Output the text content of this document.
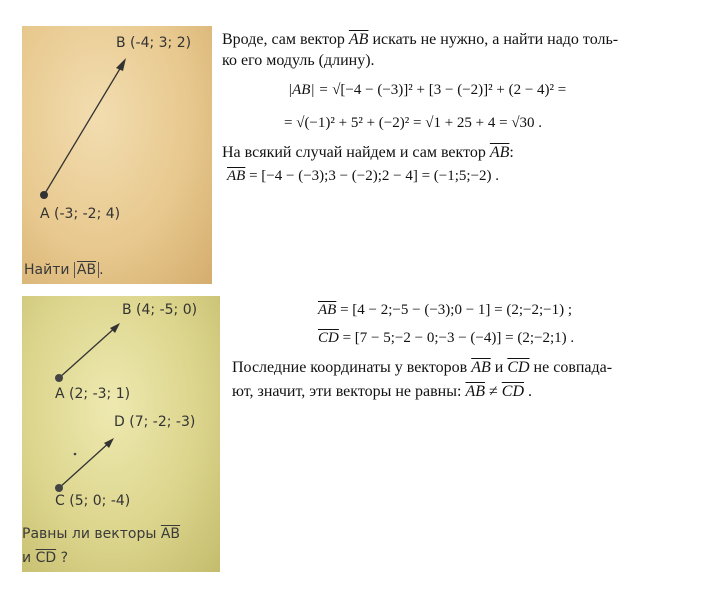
B (-4; 3; 2)
A (-3; -2; 4)
Найти $\overline{AB}$ .
B (4; -5; 0)
A (2; -3; 1)
D (7; -2; -3)
C (5; 0; -4)
Равны ли векторы $\overline{AB}$
и $\overline{CD}$ ?
Вроде, сам вектор $\overline{AB}$ искать не нужно, а найти надо толь-
ко его модуль (длину).
|AB| = √[−4 − (−3)]² + [3 − (−2)]² + (2 − 4)² =
= √(−1)² + 5² + (−2)² = √1 + 25 + 4 = √30 .
На всякий случай найдем и сам вектор $\overline{AB}$:
$\overline{AB} = [-4$ − (−3);3 − (−2);2 − 4] = (−1;5;−2) .
$\overline{AB} = [4$ − 2;−5 − (−3);0 − 1] = (2;−2;−1) ;
$\overline{CD} = [7$ − 5;−2 − 0;−3 − (−4)] = (2;−2;1) .
Последние координаты у векторов $\overline{AB}$ и $\overline{CD}$ не совпада-
ют, значит, эти векторы не равны: $\overline{AB} \ne \overline{CD}$ .
